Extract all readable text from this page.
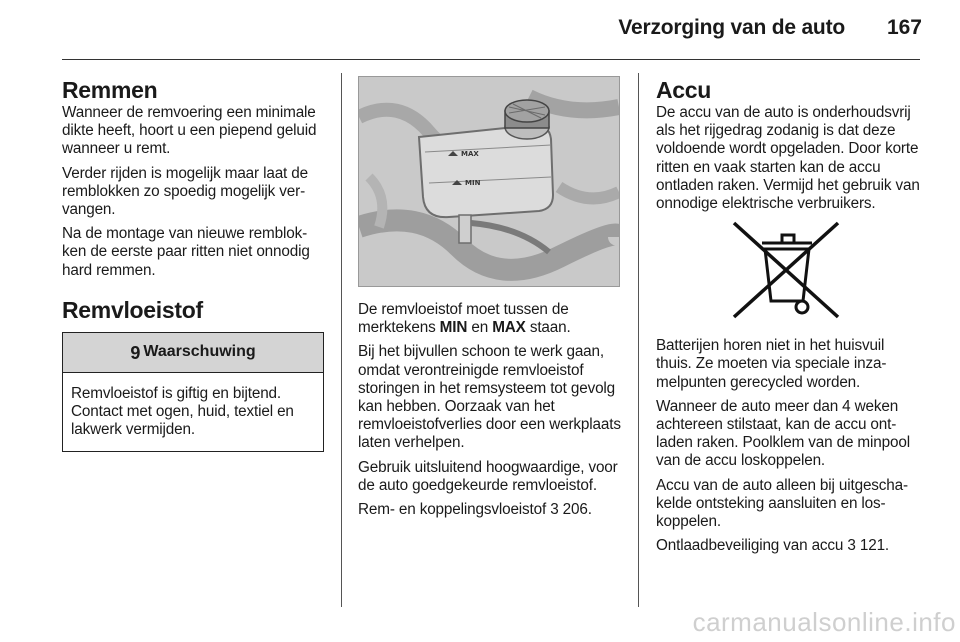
Verzorging van de auto	167
Remmen

Wanneer de remvoering een minimale dikte heeft, hoort u een piepend geluid wanneer u remt.

Verder rijden is mogelijk maar laat de remblokken zo spoedig mogelijk vervangen.

Na de montage van nieuwe remblokken de eerste paar ritten niet onnodig hard remmen.

Remvloeistof
9 Waarschuwing

Remvloeistof is giftig en bijtend. Contact met ogen, huid, textiel en lakwerk vermijden.

MAX
MIN

De remvloeistof moet tussen de merktekens MIN en MAX staan.

Bij het bijvullen schoon te werk gaan, omdat verontreinigde remvloeistof storingen in het remsysteem tot gevolg kan hebben. Oorzaak van het remvloeistofverlies door een werkplaats laten verhelpen.

Gebruik uitsluitend hoogwaardige, voor de auto goedgekeurde remvloeistof.

Rem- en koppelingsvloeistof 3 206.

Accu

De accu van de auto is onderhoudsvrij als het rijgedrag zodanig is dat deze voldoende wordt opgeladen. Door korte ritten en vaak starten kan de accu ontladen raken. Vermijd het gebruik van onnodige elektrische verbruikers.

Batterijen horen niet in het huisvuil thuis. Ze moeten via speciale inzamelpunten gerecycled worden.

Wanneer de auto meer dan 4 weken achtereen stilstaat, kan de accu ontladen raken. Poolklem van de minpool van de accu loskoppelen.

Accu van de auto alleen bij uitgeschakelde ontsteking aansluiten en loskoppelen.

Ontlaadbeveiliging van accu 3 121.

carmanualsonline.info
